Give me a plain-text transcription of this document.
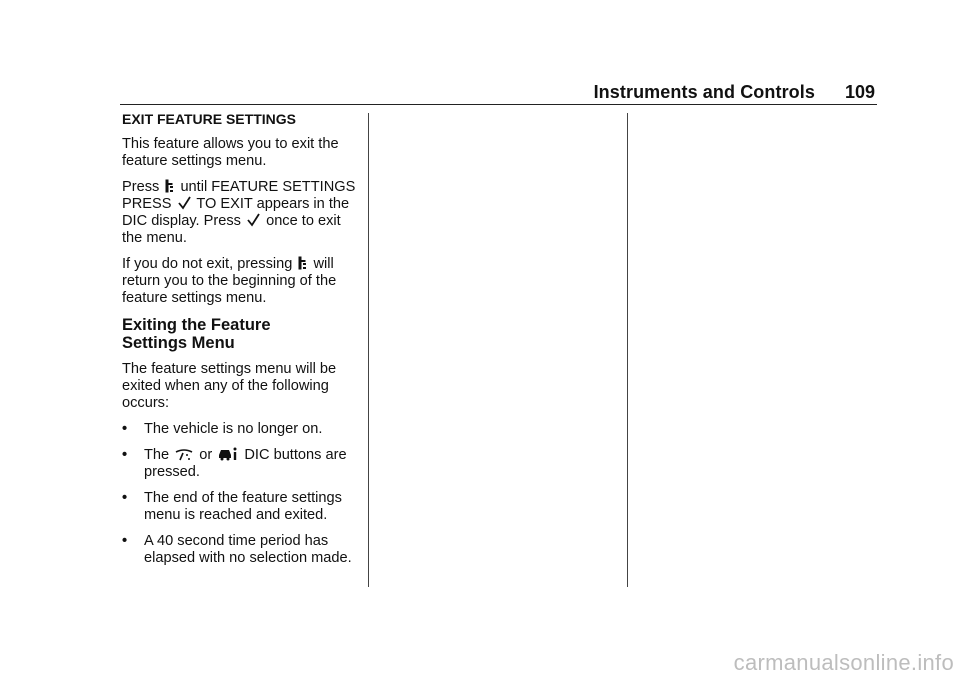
Instruments and Controls 109
EXIT FEATURE SETTINGS

This feature allows you to exit the feature settings menu.

Press until FEATURE SETTINGS PRESS TO EXIT appears in the DIC display. Press once to exit the menu.

If you do not exit, pressing will return you to the beginning of the feature settings menu.

Exiting the Feature
Settings Menu

The feature settings menu will be exited when any of the following occurs:

• The vehicle is no longer on.
• The or DIC buttons are pressed.
• The end of the feature settings menu is reached and exited.
• A 40 second time period has elapsed with no selection made.
carmanualsonline.info
